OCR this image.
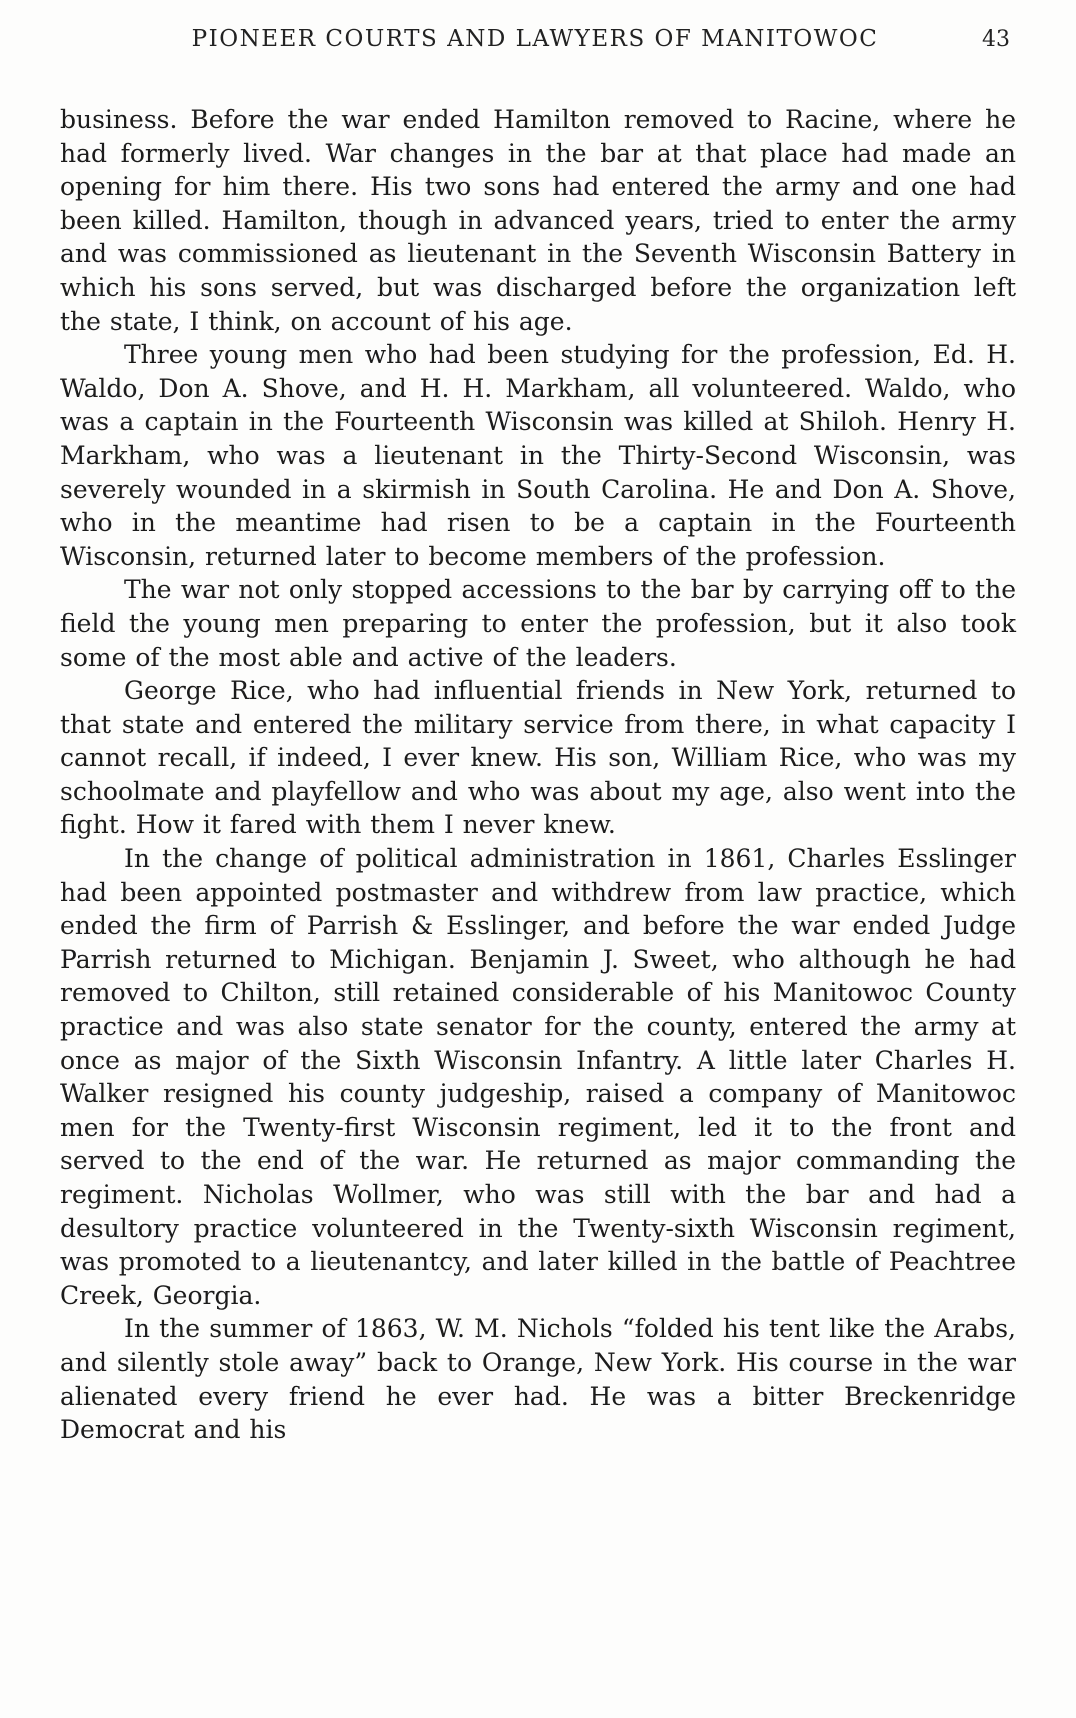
PIONEER COURTS AND LAWYERS OF MANITOWOC	43

business. Before the war ended Hamilton removed to Racine, where he had formerly lived. War changes in the bar at that place had made an opening for him there. His two sons had entered the army and one had been killed. Hamilton, though in advanced years, tried to enter the army and was commissioned as lieutenant in the Seventh Wisconsin Battery in which his sons served, but was discharged before the organization left the state, I think, on account of his age.

Three young men who had been studying for the profession, Ed. H. Waldo, Don A. Shove, and H. H. Markham, all volunteered. Waldo, who was a captain in the Fourteenth Wisconsin was killed at Shiloh. Henry H. Markham, who was a lieutenant in the Thirty-Second Wisconsin, was severely wounded in a skirmish in South Carolina. He and Don A. Shove, who in the meantime had risen to be a captain in the Fourteenth Wisconsin, returned later to become members of the profession.

The war not only stopped accessions to the bar by carrying off to the field the young men preparing to enter the profession, but it also took some of the most able and active of the leaders.

George Rice, who had influential friends in New York, returned to that state and entered the military service from there, in what capacity I cannot recall, if indeed, I ever knew. His son, William Rice, who was my schoolmate and playfellow and who was about my age, also went into the fight. How it fared with them I never knew.

In the change of political administration in 1861, Charles Esslinger had been appointed postmaster and withdrew from law practice, which ended the firm of Parrish & Esslinger, and before the war ended Judge Parrish returned to Michigan. Benjamin J. Sweet, who although he had removed to Chilton, still retained considerable of his Manitowoc County practice and was also state senator for the county, entered the army at once as major of the Sixth Wisconsin Infantry. A little later Charles H. Walker resigned his county judgeship, raised a company of Manitowoc men for the Twenty-first Wisconsin regiment, led it to the front and served to the end of the war. He returned as major commanding the regiment. Nicholas Wollmer, who was still with the bar and had a desultory practice volunteered in the Twenty-sixth Wisconsin regiment, was promoted to a lieutenantcy, and later killed in the battle of Peachtree Creek, Georgia.

In the summer of 1863, W. M. Nichols “folded his tent like the Arabs, and silently stole away” back to Orange, New York. His course in the war alienated every friend he ever had. He was a bitter Breckenridge Democrat and his
